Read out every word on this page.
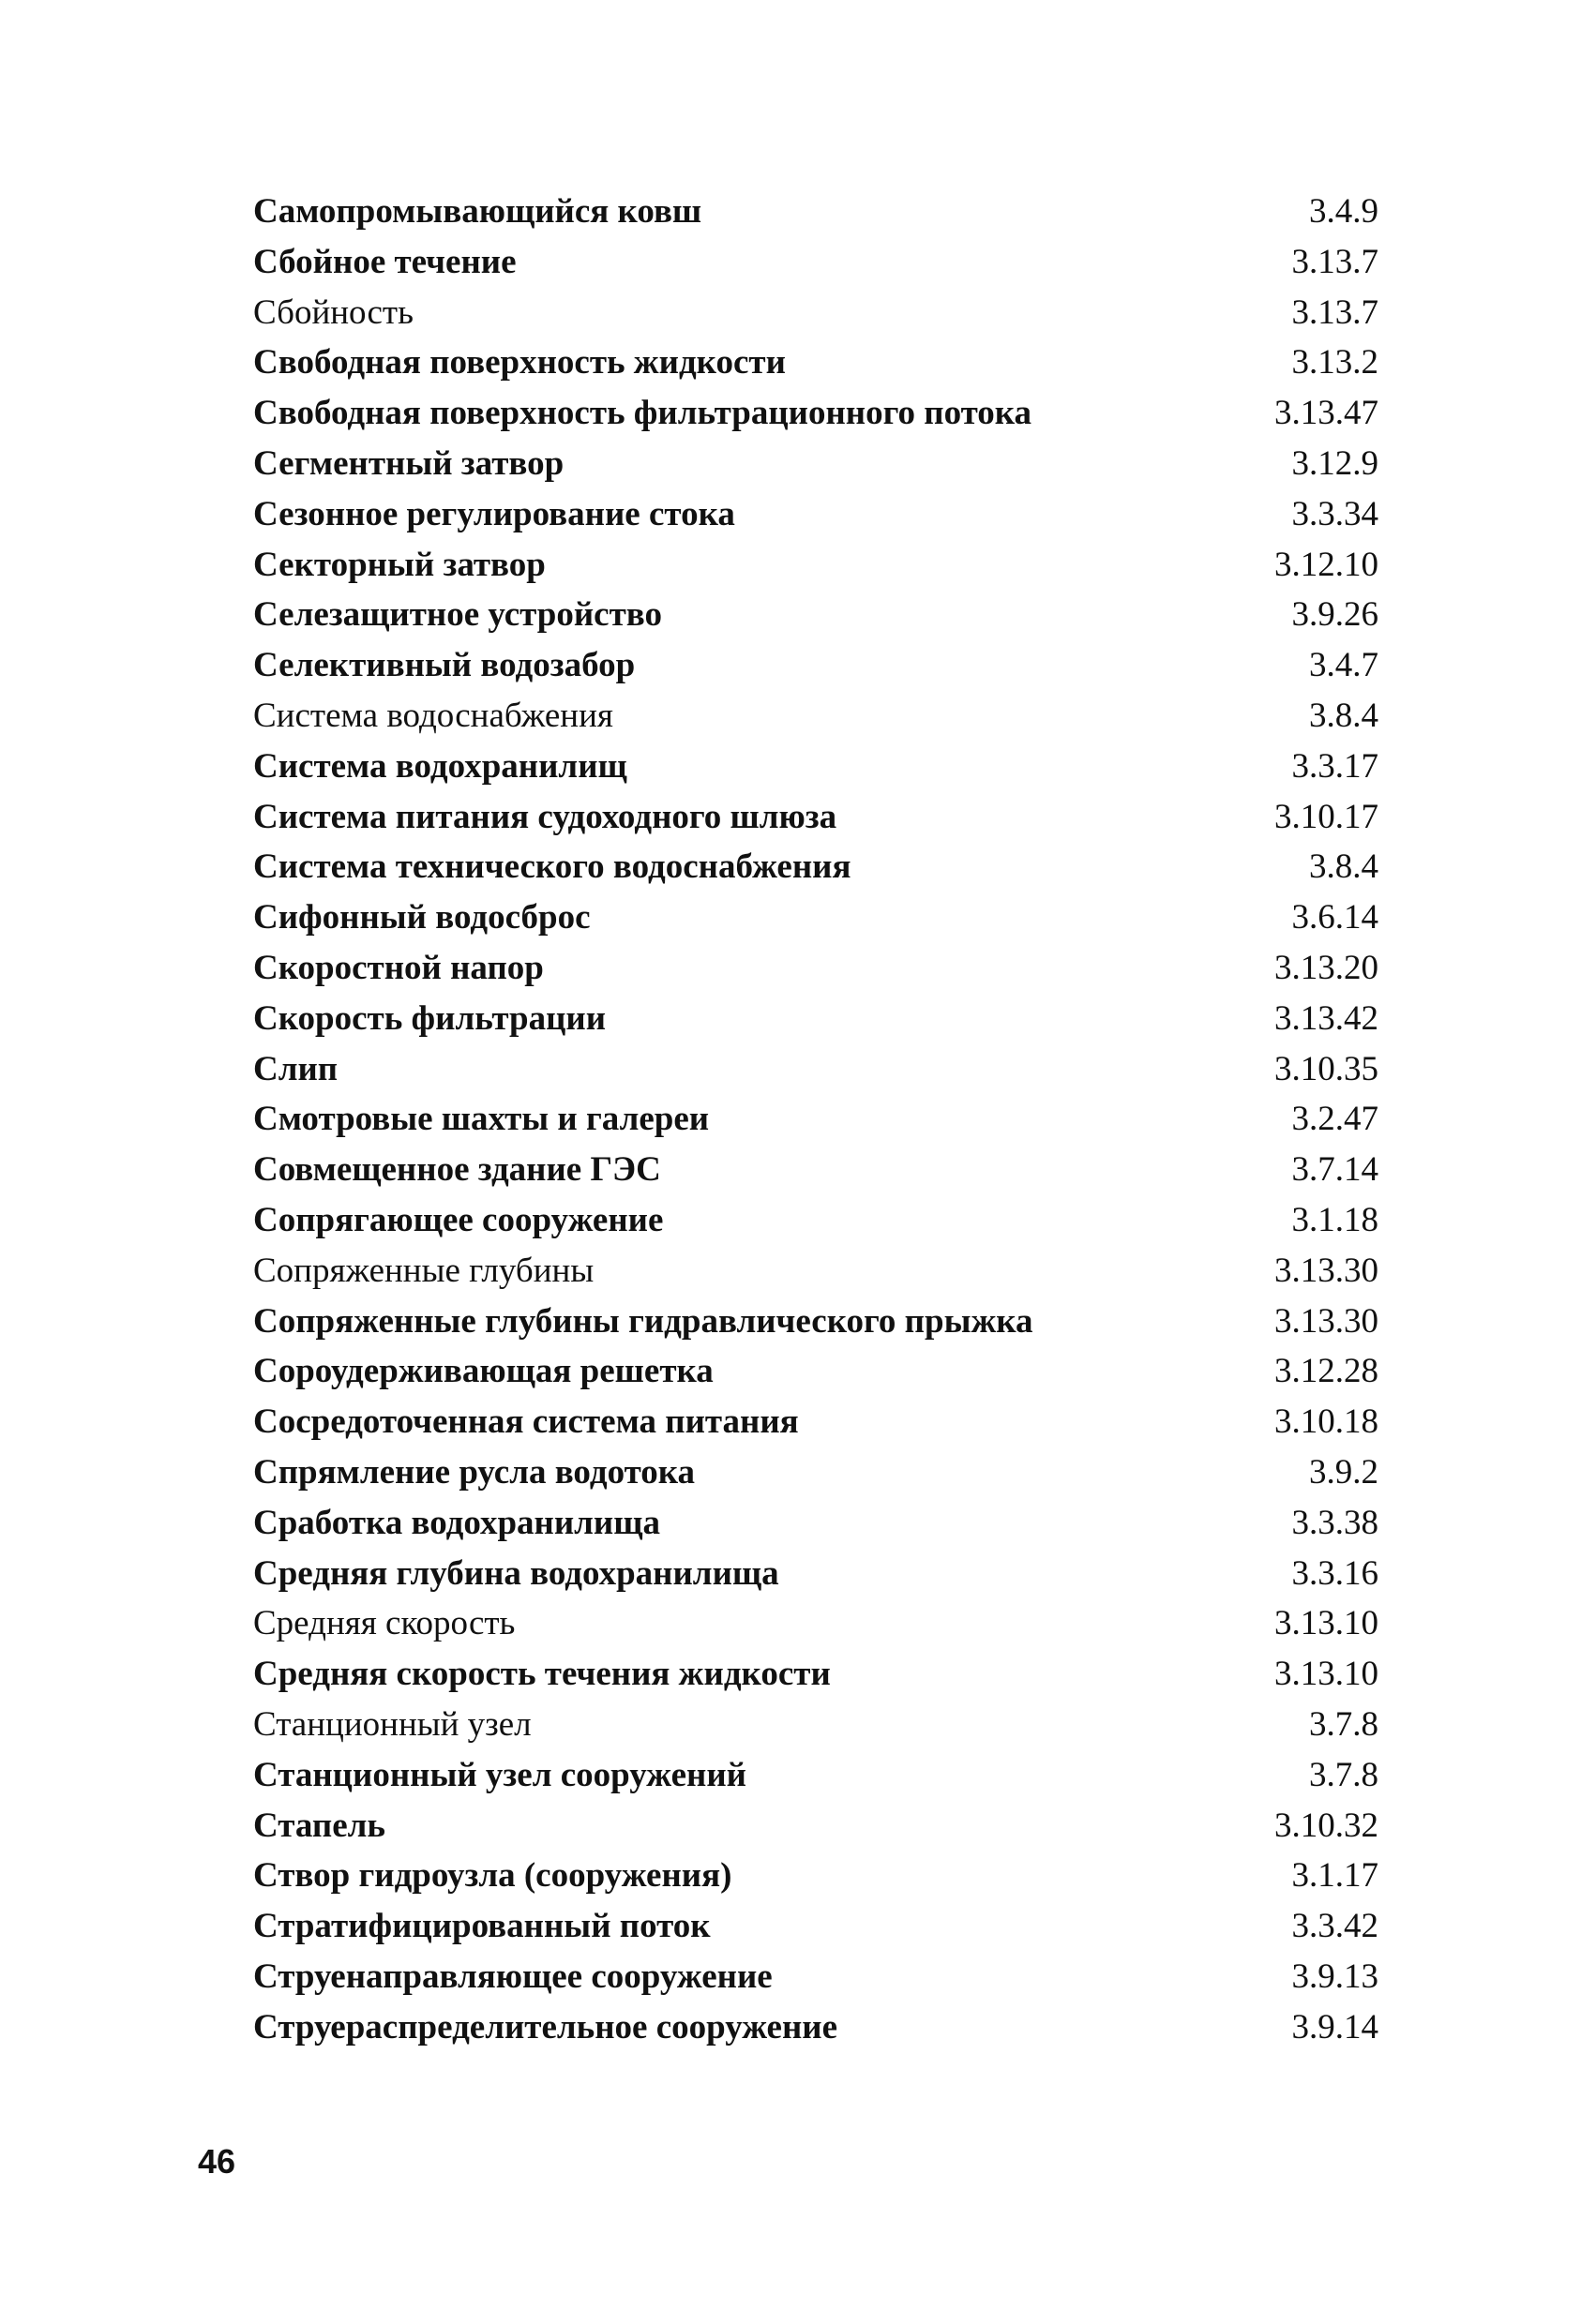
Самопромывающийся ковш	3.4.9
Сбойное течение	3.13.7
Сбойность	3.13.7
Свободная поверхность жидкости	3.13.2
Свободная поверхность фильтрационного потока	3.13.47
Сегментный затвор	3.12.9
Сезонное регулирование стока	3.3.34
Секторный затвор	3.12.10
Селезащитное устройство	3.9.26
Селективный водозабор	3.4.7
Система водоснабжения	3.8.4
Система водохранилищ	3.3.17
Система питания судоходного шлюза	3.10.17
Система технического водоснабжения	3.8.4
Сифонный водосброс	3.6.14
Скоростной напор	3.13.20
Скорость фильтрации	3.13.42
Слип	3.10.35
Смотровые шахты и галереи	3.2.47
Совмещенное здание ГЭС	3.7.14
Сопрягающее сооружение	3.1.18
Сопряженные глубины	3.13.30
Сопряженные глубины гидравлического прыжка	3.13.30
Сороудерживающая решетка	3.12.28
Сосредоточенная система питания	3.10.18
Спрямление русла водотока	3.9.2
Сработка водохранилища	3.3.38
Средняя глубина водохранилища	3.3.16
Средняя скорость	3.13.10
Средняя скорость течения жидкости	3.13.10
Станционный узел	3.7.8
Станционный узел сооружений	3.7.8
Стапель	3.10.32
Створ гидроузла (сооружения)	3.1.17
Стратифицированный поток	3.3.42
Струенаправляющее сооружение	3.9.13
Струераспределительное сооружение	3.9.14
46
